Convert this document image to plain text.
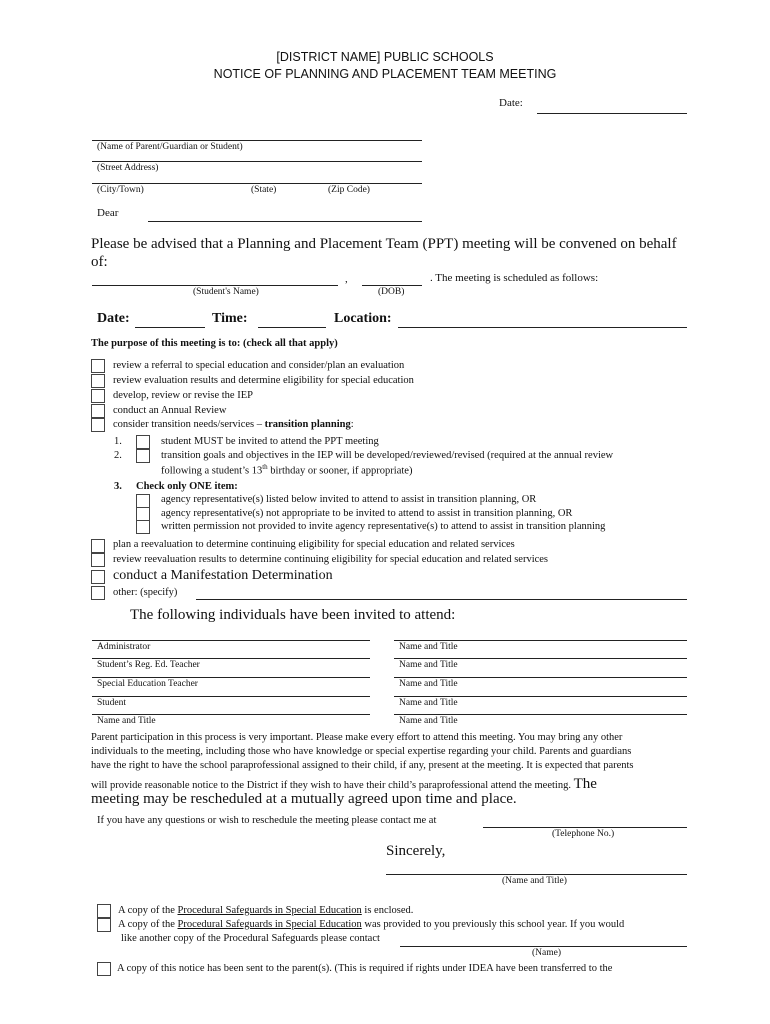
[DISTRICT NAME] PUBLIC SCHOOLS
NOTICE OF PLANNING AND PLACEMENT TEAM MEETING
Date:
(Name of Parent/Guardian or Student)
(Street Address)
(City/Town)	(State)	(Zip Code)
Dear
Please be advised that a Planning and Placement Team (PPT) meeting will be convened on behalf of:
,	. The meeting is scheduled as follows:
(Student's Name)	(DOB)
Date:	Time:	Location:
The purpose of this meeting is to: (check all that apply)
review a referral to special education and consider/plan an evaluation
review evaluation results and determine eligibility for special education
develop, review or revise the IEP
conduct an Annual Review
consider transition needs/services – transition planning:
1.	student MUST be invited to attend the PPT meeting
2.	transition goals and objectives in the IEP will be developed/reviewed/revised (required at the annual review
following a student’s 13th birthday or sooner, if appropriate)
3. Check only ONE item:
agency representative(s) listed below invited to attend to assist in transition planning, OR
agency representative(s) not appropriate to be invited to attend to assist in transition planning, OR
written permission not provided to invite agency representative(s) to attend to assist in transition planning
plan a reevaluation to determine continuing eligibility for special education and related services
review reevaluation results to determine continuing eligibility for special education and related services
conduct a Manifestation Determination
other: (specify)
The following individuals have been invited to attend:
Administrator	Name and Title
Student’s Reg. Ed. Teacher	Name and Title
Special Education Teacher	Name and Title
Student	Name and Title
Name and Title	Name and Title
Parent participation in this process is very important. Please make every effort to attend this meeting. You may bring any other
individuals to the meeting, including those who have knowledge or special expertise regarding your child. Parents and guardians
have the right to have the school paraprofessional assigned to their child, if any, present at the meeting. It is expected that parents
will provide reasonable notice to the District if they wish to have their child’s paraprofessional attend the meeting. The
meeting may be rescheduled at a mutually agreed upon time and place.
If you have any questions or wish to reschedule the meeting please contact me at
(Telephone No.)
Sincerely,
(Name and Title)
A copy of the Procedural Safeguards in Special Education is enclosed.
A copy of the Procedural Safeguards in Special Education was provided to you previously this school year. If you would
like another copy of the Procedural Safeguards please contact
(Name)
A copy of this notice has been sent to the parent(s). (This is required if rights under IDEA have been transferred to the
